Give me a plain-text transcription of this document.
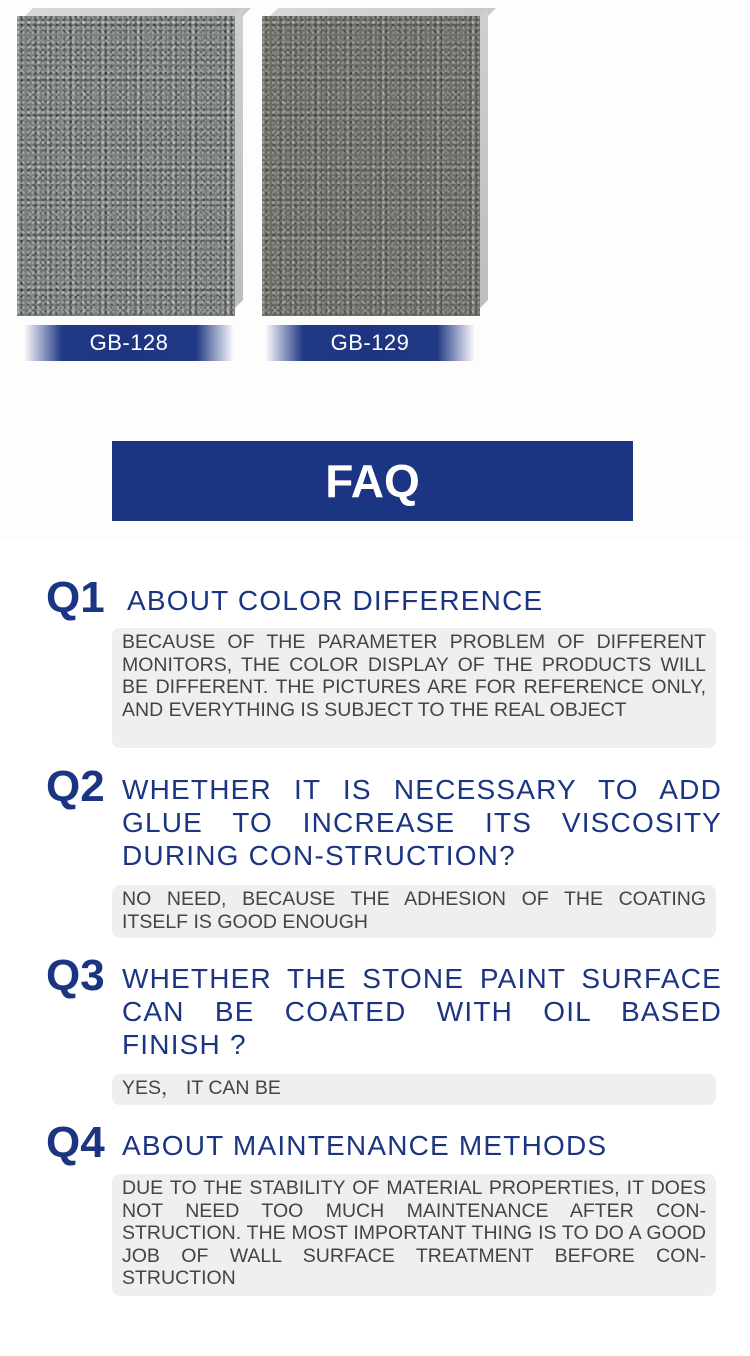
GB-128	GB-129
FAQ
Q1 ABOUT COLOR DIFFERENCE
BECAUSE OF THE PARAMETER PROBLEM OF DIFFERENT MONITORS, THE COLOR DISPLAY OF THE PRODUCTS WILL BE DIFFERENT. THE PICTURES ARE FOR REFERENCE ONLY, AND EVERYTHING IS SUBJECT TO THE REAL OBJECT
Q2 WHETHER IT IS NECESSARY TO ADD GLUE TO INCREASE ITS VISCOSITY DURING CON-STRUCTION?
NO NEED, BECAUSE THE ADHESION OF THE COATING ITSELF IS GOOD ENOUGH
Q3 WHETHER THE STONE PAINT SURFACE CAN BE COATED WITH OIL BASED FINISH ?
YES， IT CAN BE
Q4 ABOUT MAINTENANCE METHODS
DUE TO THE STABILITY OF MATERIAL PROPERTIES, IT DOES NOT NEED TOO MUCH MAINTENANCE AFTER CON-STRUCTION. THE MOST IMPORTANT THING IS TO DO A GOOD JOB OF WALL SURFACE TREATMENT BEFORE CON-STRUCTION
